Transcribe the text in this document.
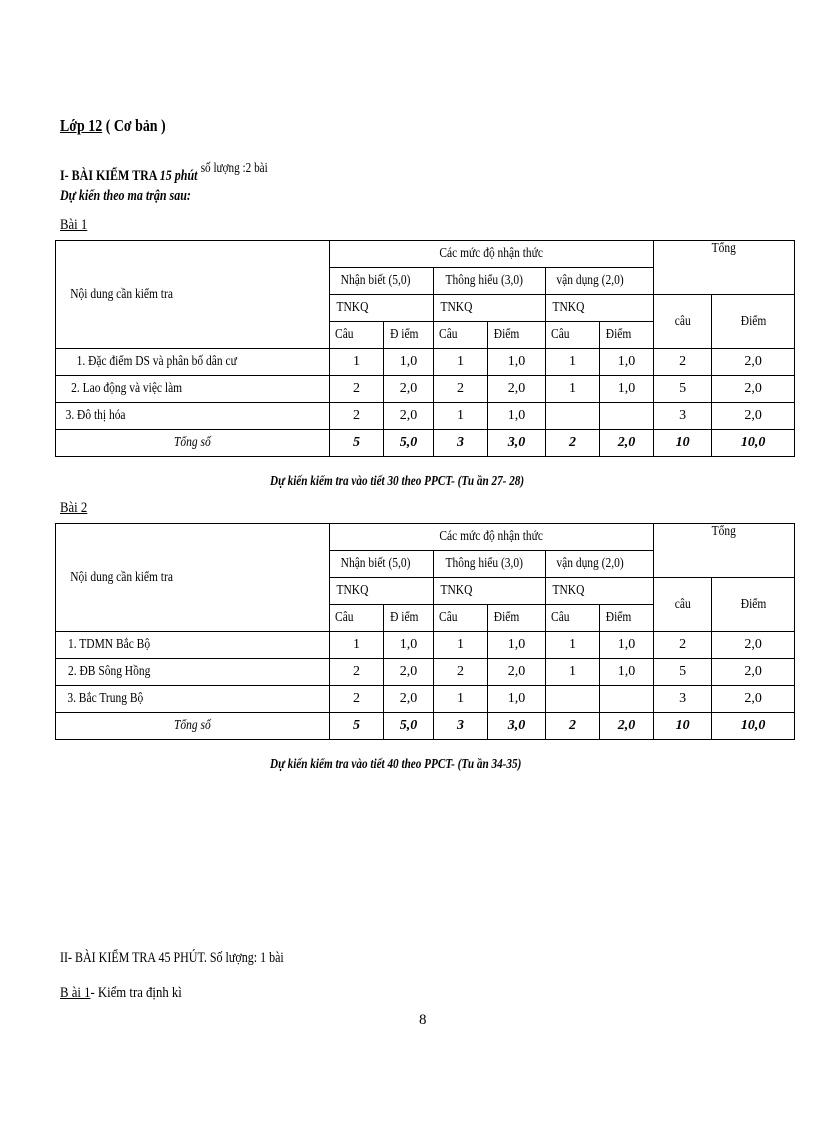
Lớp 12 ( Cơ bản )
I- BÀI KIỂM TRA 15 phút số lượng :2 bài
Dự kiến theo ma trận sau:
Bài 1
Nội dung cần kiểm tra	Các mức độ nhận thức						Tổng	
	Nhận biết (5,0)		Thông hiểu (3,0)		vận dụng (2,0)			
	TNKQ		TNKQ		TNKQ		câu	Điểm
	Câu	Đ iểm	Câu	Điểm	Câu	Điểm		
1. Đặc điểm DS và phân bố dân cư	1	1,0	1	1,0	1	1,0	2	2,0
2. Lao động và việc làm	2	2,0	2	2,0	1	1,0	5	2,0
3. Đô thị hóa	2	2,0	1	1,0			3	2,0
Tổng số	5	5,0	3	3,0	2	2,0	10	10,0
Dự kiến kiểm tra vào tiết 30 theo PPCT- (Tu ần 27- 28)
Bài 2
Nội dung cần kiểm tra	Các mức độ nhận thức						Tổng	
	Nhận biết (5,0)		Thông hiểu (3,0)		vận dụng (2,0)			
	TNKQ		TNKQ		TNKQ		câu	Điểm
	Câu	Đ iểm	Câu	Điểm	Câu	Điểm		
1. TDMN Bắc Bộ	1	1,0	1	1,0	1	1,0	2	2,0
2. ĐB Sông Hồng	2	2,0	2	2,0	1	1,0	5	2,0
3. Bắc Trung Bộ	2	2,0	1	1,0			3	2,0
Tổng số	5	5,0	3	3,0	2	2,0	10	10,0
Dự kiến kiểm tra vào tiết 40 theo PPCT- (Tu ần 34-35)
II- BÀI KIỂM TRA 45 PHÚT. Số lượng: 1 bài
B ài 1- Kiểm tra định kì
8
